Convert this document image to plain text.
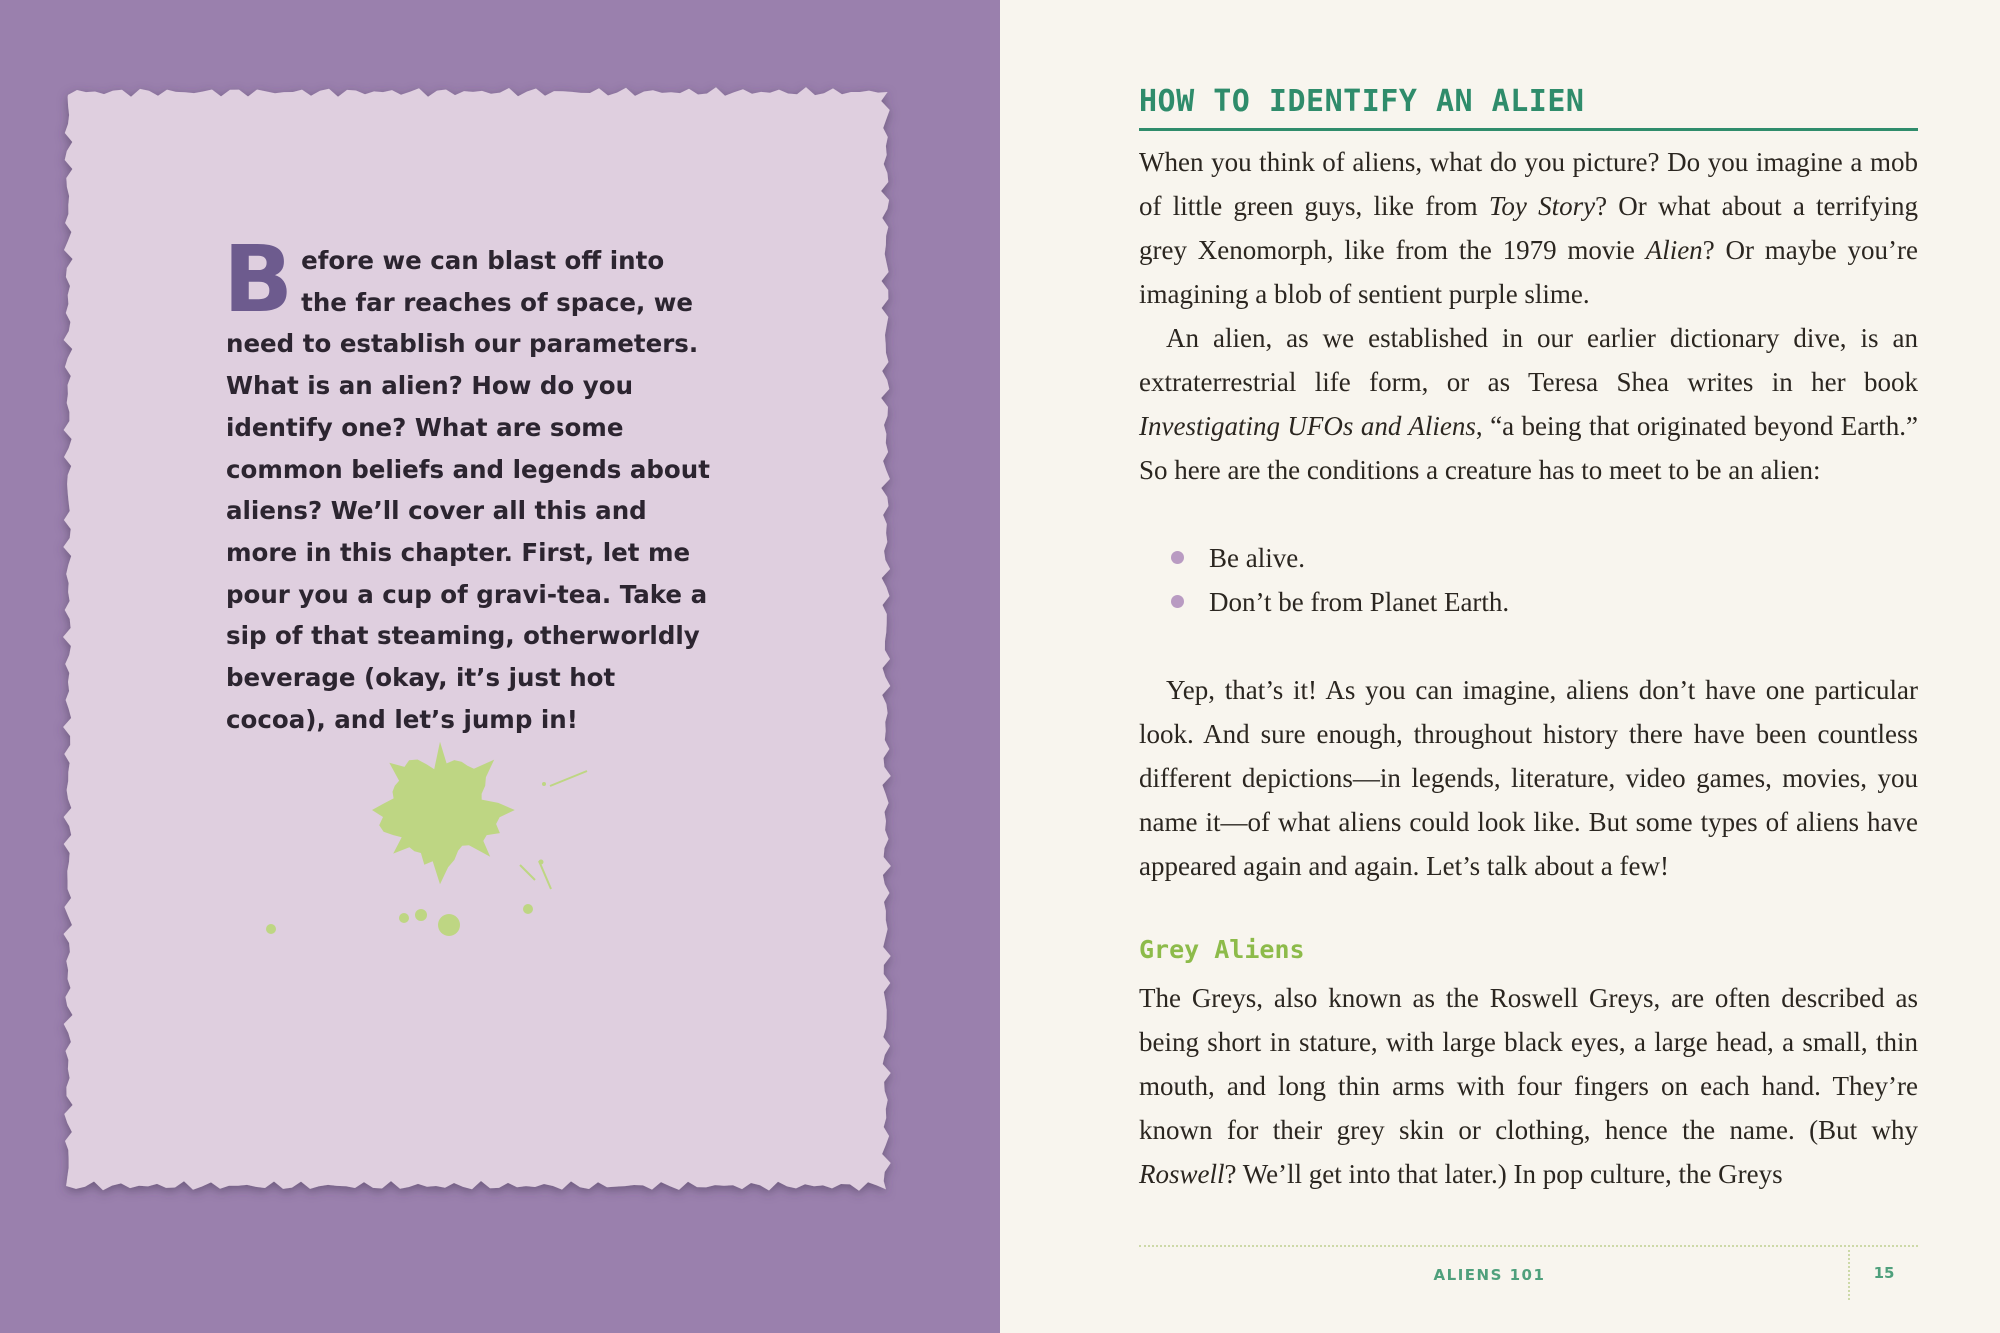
Before we can blast off into the far reaches of space, we need to establish our parameters. What is an alien? How do you identify one? What are some common beliefs and legends about aliens? We’ll cover all this and more in this chapter. First, let me pour you a cup of gravi-tea. Take a sip of that steaming, otherworldly beverage (okay, it’s just hot cocoa), and let’s jump in!

HOW TO IDENTIFY AN ALIEN

When you think of aliens, what do you picture? Do you imagine a mob of little green guys, like from Toy Story? Or what about a terrifying grey Xenomorph, like from the 1979 movie Alien? Or maybe you’re imagining a blob of sentient purple slime.

An alien, as we established in our earlier dictionary dive, is an extraterrestrial life form, or as Teresa Shea writes in her book Investigating UFOs and Aliens, “a being that originated beyond Earth.” So here are the conditions a creature has to meet to be an alien:

Be alive.
Don’t be from Planet Earth.

Yep, that’s it! As you can imagine, aliens don’t have one particular look. And sure enough, throughout history there have been countless different depictions—in legends, literature, video games, movies, you name it—of what aliens could look like. But some types of aliens have appeared again and again. Let’s talk about a few!

Grey Aliens

The Greys, also known as the Roswell Greys, are often described as being short in stature, with large black eyes, a large head, a small, thin mouth, and long thin arms with four fingers on each hand. They’re known for their grey skin or clothing, hence the name. (But why Roswell? We’ll get into that later.) In pop culture, the Greys

ALIENS 101	15
